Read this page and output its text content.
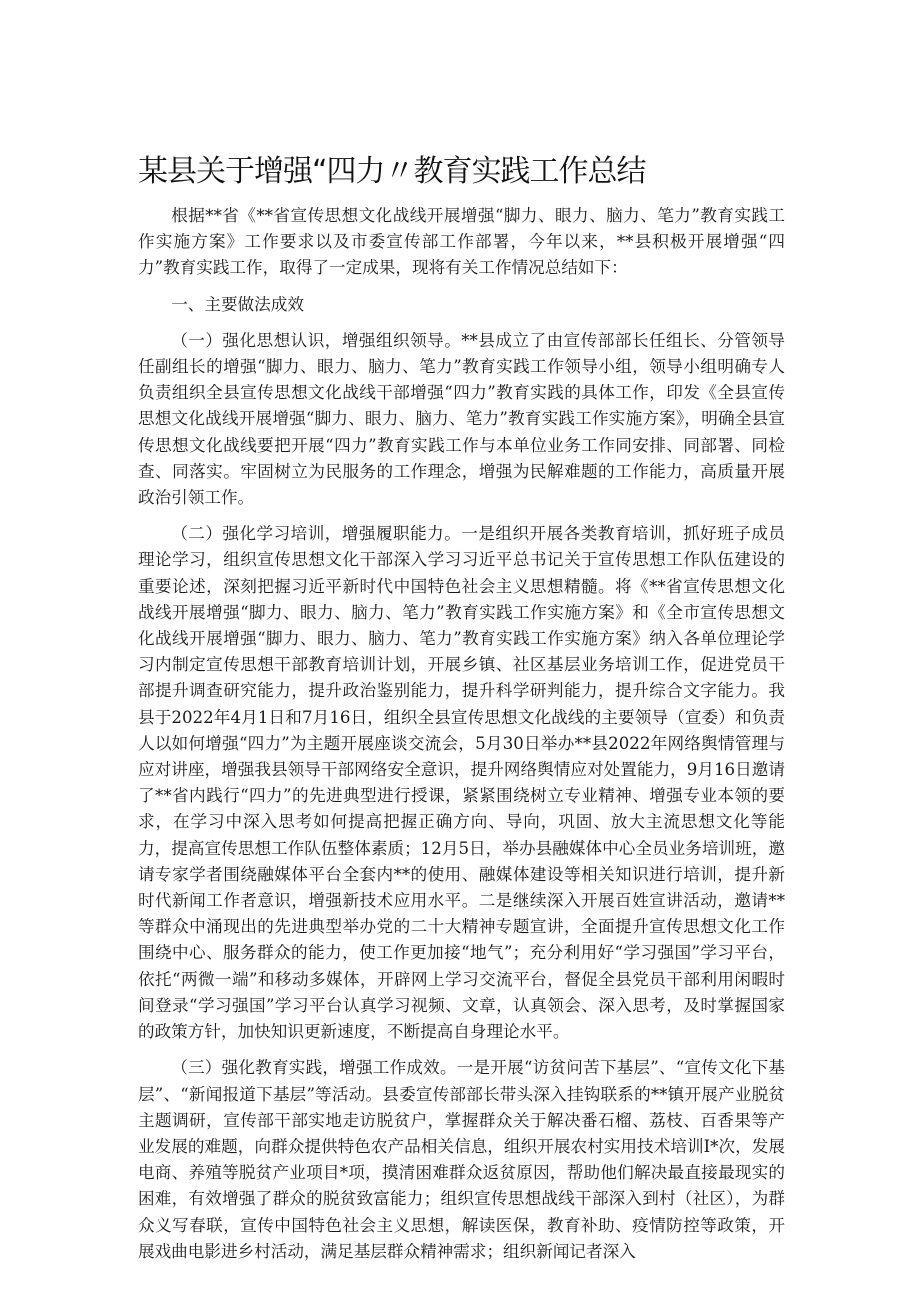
某县关于增强“四力〃教育实践工作总结

根据**省《**省宣传思想文化战线开展增强“脚力、眼力、脑力、笔力”教育实践工作实施方案》工作要求以及市委宣传部工作部署，今年以来，**县积极开展增强“四力”教育实践工作，取得了一定成果，现将有关工作情况总结如下：

一、主要做法成效

（一）强化思想认识，增强组织领导。**县成立了由宣传部部长任组长、分管领导任副组长的增强“脚力、眼力、脑力、笔力”教育实践工作领导小组，领导小组明确专人负责组织全县宣传思想文化战线干部增强“四力”教育实践的具体工作，印发《全县宣传思想文化战线开展增强“脚力、眼力、脑力、笔力”教育实践工作实施方案》，明确全县宣传思想文化战线要把开展“四力”教育实践工作与本单位业务工作同安排、同部署、同检查、同落实。牢固树立为民服务的工作理念，增强为民解难题的工作能力，高质量开展政治引领工作。

（二）强化学习培训，增强履职能力。一是组织开展各类教育培训，抓好班子成员理论学习，组织宣传思想文化干部深入学习习近平总书记关于宣传思想工作队伍建设的重要论述，深刻把握习近平新时代中国特色社会主义思想精髓。将《**省宣传思想文化战线开展增强“脚力、眼力、脑力、笔力”教育实践工作实施方案》和《全市宣传思想文化战线开展增强“脚力、眼力、脑力、笔力”教育实践工作实施方案》纳入各单位理论学习内制定宣传思想干部教育培训计划，开展乡镇、社区基层业务培训工作，促进党员干部提升调查研究能力，提升政治鉴别能力，提升科学研判能力，提升综合文字能力。我县于2022年4月1日和7月16日，组织全县宣传思想文化战线的主要领导（宣委）和负责人以如何增强“四力”为主题开展座谈交流会，5月30日举办**县2022年网络舆情管理与应对讲座，增强我县领导干部网络安全意识，提升网络舆情应对处置能力，9月16日邀请了**省内践行“四力”的先进典型进行授课，紧紧围绕树立专业精神、增强专业本领的要求，在学习中深入思考如何提高把握正确方向、导向，巩固、放大主流思想文化等能力，提高宣传思想工作队伍整体素质；12月5日，举办县融媒体中心全员业务培训班，邀请专家学者围绕融媒体平台全套内**的使用、融媒体建设等相关知识进行培训，提升新时代新闻工作者意识，增强新技术应用水平。二是继续深入开展百姓宣讲活动，邀请**等群众中涌现出的先进典型举办党的二十大精神专题宣讲，全面提升宣传思想文化工作围绕中心、服务群众的能力，使工作更加接“地气”；充分利用好“学习强国”学习平台，依托“两微一端”和移动多媒体，开辟网上学习交流平台，督促全县党员干部利用闲暇时间登录“学习强国”学习平台认真学习视频、文章，认真领会、深入思考，及时掌握国家的政策方针，加快知识更新速度，不断提高自身理论水平。

（三）强化教育实践，增强工作成效。一是开展“访贫问苦下基层”、“宣传文化下基层”、“新闻报道下基层”等活动。县委宣传部部长带头深入挂钩联系的**镇开展产业脱贫主题调研，宣传部干部实地走访脱贫户，掌握群众关于解决番石榴、荔枝、百香果等产业发展的难题，向群众提供特色农产品相关信息，组织开展农村实用技术培训I*次，发展电商、养殖等脱贫产业项目*项，摸清困难群众返贫原因，帮助他们解决最直接最现实的困难，有效增强了群众的脱贫致富能力；组织宣传思想战线干部深入到村（社区），为群众义写春联，宣传中国特色社会主义思想，解读医保，教育补助、疫情防控等政策，开展戏曲电影进乡村活动，满足基层群众精神需求；组织新闻记者深入
